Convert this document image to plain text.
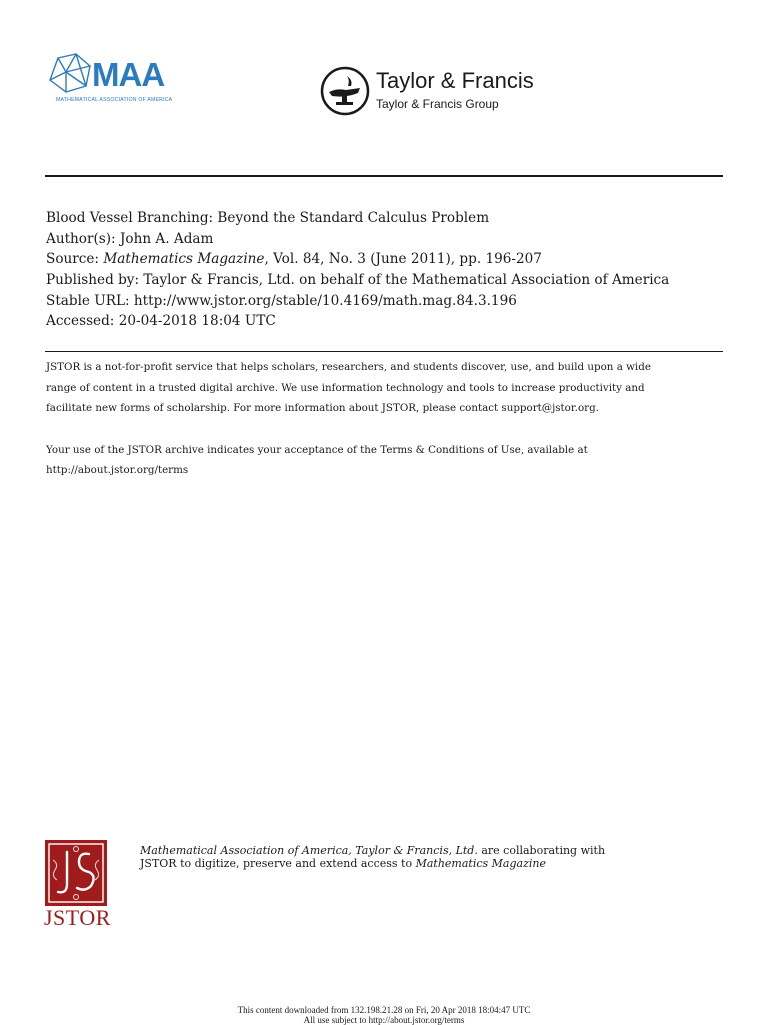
MAA
MATHEMATICAL ASSOCIATION OF AMERICA
Taylor & Francis
Taylor & Francis Group
Blood Vessel Branching: Beyond the Standard Calculus Problem
Author(s): John A. Adam
Source: Mathematics Magazine, Vol. 84, No. 3 (June 2011), pp. 196-207
Published by: Taylor & Francis, Ltd. on behalf of the Mathematical Association of America
Stable URL: http://www.jstor.org/stable/10.4169/math.mag.84.3.196
Accessed: 20-04-2018 18:04 UTC
JSTOR is a not-for-profit service that helps scholars, researchers, and students discover, use, and build upon a wide
range of content in a trusted digital archive. We use information technology and tools to increase productivity and
facilitate new forms of scholarship. For more information about JSTOR, please contact support@jstor.org.
Your use of the JSTOR archive indicates your acceptance of the Terms & Conditions of Use, available at
http://about.jstor.org/terms
JSTOR
Mathematical Association of America, Taylor & Francis, Ltd. are collaborating with
JSTOR to digitize, preserve and extend access to Mathematics Magazine
This content downloaded from 132.198.21.28 on Fri, 20 Apr 2018 18:04:47 UTC
All use subject to http://about.jstor.org/terms
